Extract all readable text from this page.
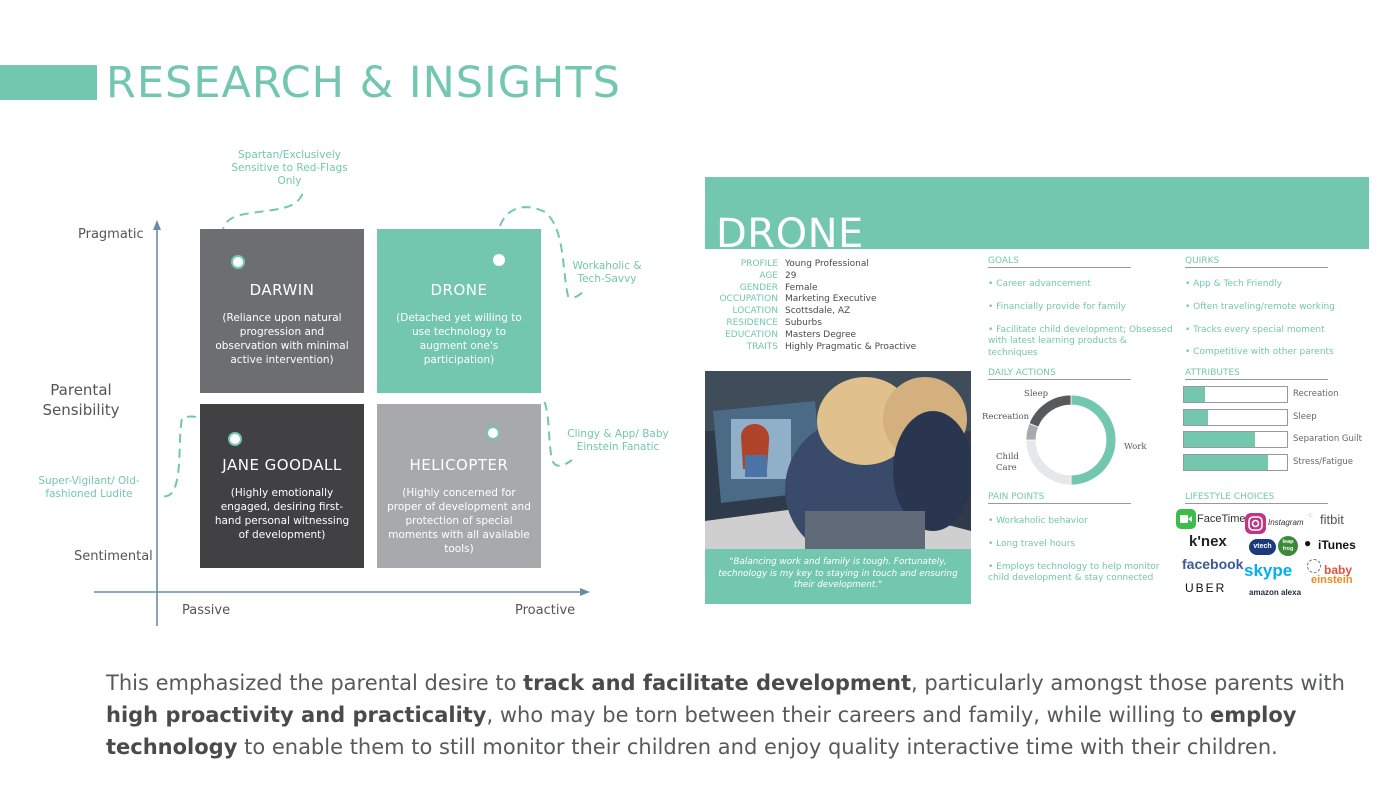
RESEARCH & INSIGHTS
Pragmatic
Sentimental
Parental Sensibility
Passive	Proactive
Spartan/Exclusively Sensitive to Red-Flags Only
Workaholic & Tech-Savvy
Clingy & App/ Baby Einstein Fanatic
Super-Vigilant/ Old-fashioned Ludite
DARWIN
(Reliance upon natural progression and observation with minimal active intervention)
DRONE
(Detached yet willing to use technology to augment one's participation)
JANE GOODALL
(Highly emotionally engaged, desiring first-hand personal witnessing of development)
HELICOPTER
(Highly concerned for proper of development and protection of special moments with all available tools)
DRONE
PROFILE Young Professional
AGE 29
GENDER Female
OCCUPATION Marketing Executive
LOCATION Scottsdale, AZ
RESIDENCE Suburbs
EDUCATION Masters Degree
TRAITS Highly Pragmatic & Proactive
GOALS
• Career advancement
• Financially provide for family
• Facilitate child development; Obsessed with latest learning products & techniques
QUIRKS
• App & Tech Friendly
• Often traveling/remote working
• Tracks every special moment
• Competitive with other parents
"Balancing work and family is tough. Fortunately, technology is my key to staying in touch and ensuring their development."
DAILY ACTIONS
Sleep
Recreation
Child Care
Work
ATTRIBUTES
Recreation
Sleep
Separation Guilt
Stress/Fatigue
PAIN POINTS
• Workaholic behavior
• Long travel hours
• Employs technology to help monitor child development & stay connected
LIFESTYLE CHOICES
FaceTime	Instagram
⁘ fitbit
k'nex	vtech
leap frog ● iTunes
facebook skype	baby
einstein
UBER	amazon alexa
This emphasized the parental desire to track and facilitate development, particularly amongst those parents with high proactivity and practicality, who may be torn between their careers and family, while willing to employ technology to enable them to still monitor their children and enjoy quality interactive time with their children.
